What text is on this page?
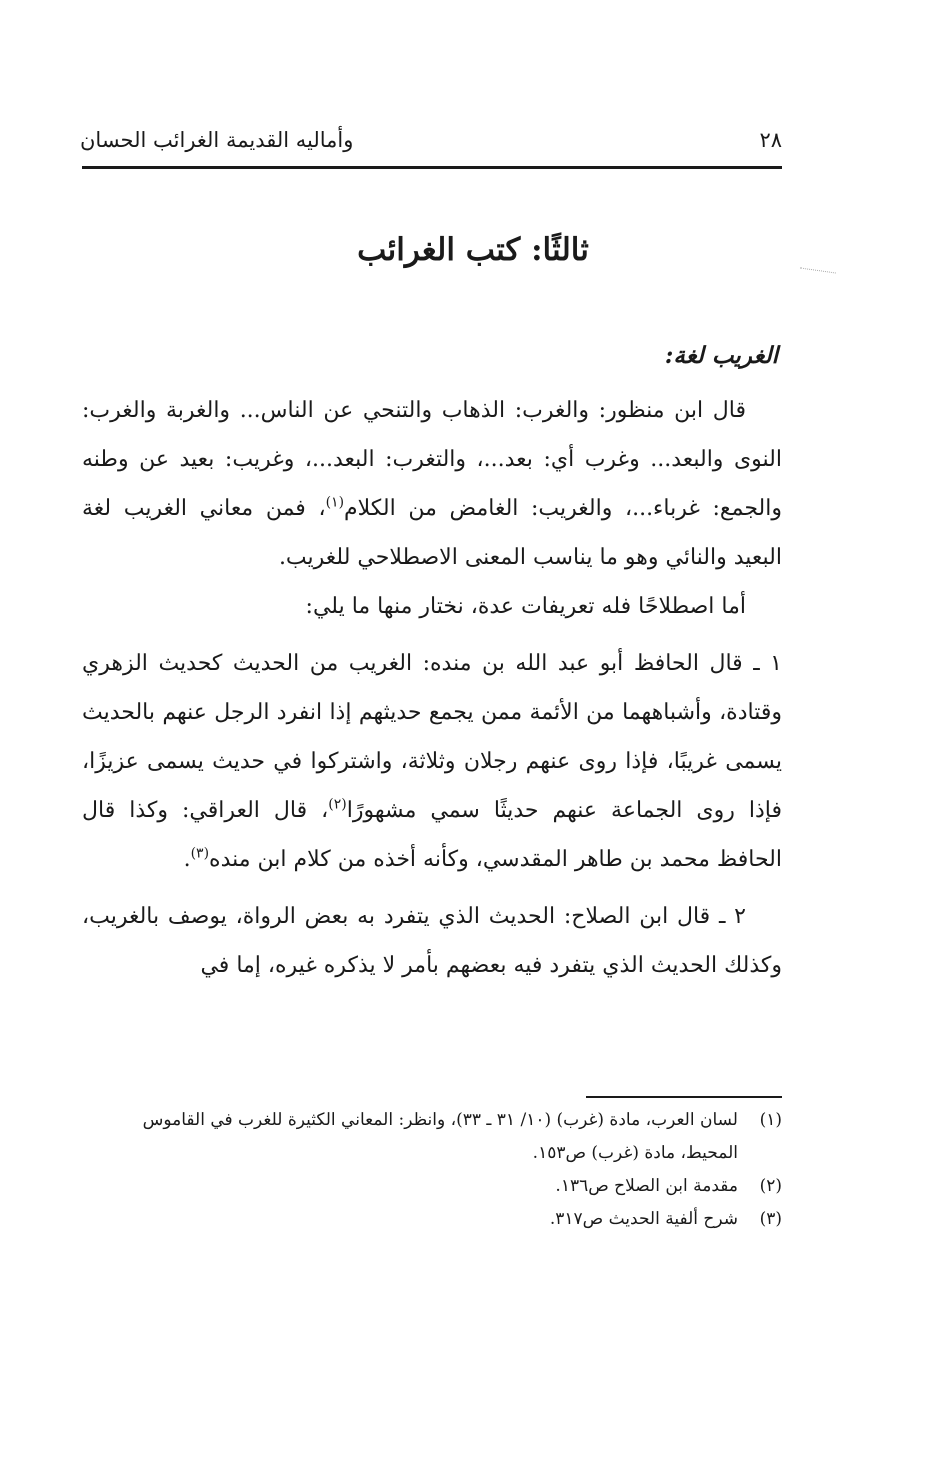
٢٨
وأماليه القديمة الغرائب الحسان
ثالثًا: كتب الغرائب
الغريب لغة:

قال ابن منظور: والغرب: الذهاب والتنحي عن الناس... والغربة والغرب: النوى والبعد... وغرب أي: بعد...، والتغرب: البعد...، وغريب: بعيد عن وطنه والجمع: غرباء...، والغريب: الغامض من الكلام$^{(١)}$، فمن معاني الغريب لغة البعيد والنائي وهو ما يناسب المعنى الاصطلاحي للغريب.

أما اصطلاحًا فله تعريفات عدة، نختار منها ما يلي:

١ ـ قال الحافظ أبو عبد الله بن منده: الغريب من الحديث كحديث الزهري وقتادة، وأشباههما من الأئمة ممن يجمع حديثهم إذا انفرد الرجل عنهم بالحديث يسمى غريبًا، فإذا روى عنهم رجلان وثلاثة، واشتركوا في حديث يسمى عزيزًا، فإذا روى الجماعة عنهم حديثًا سمي مشهورًا$^{(٢)}$، قال العراقي: وكذا قال الحافظ محمد بن طاهر المقدسي، وكأنه أخذه من كلام ابن منده$^{(٣)}$.

٢ ـ قال ابن الصلاح: الحديث الذي يتفرد به بعض الرواة، يوصف بالغريب، وكذلك الحديث الذي يتفرد فيه بعضهم بأمر لا يذكره غيره، إما في

(١)لسان العرب، مادة (غرب) (١٠/ ٣١ ـ ٣٣)، وانظر: المعاني الكثيرة للغرب في القاموس

المحيط، مادة (غرب) ص١٥٣.

(٢)مقدمة ابن الصلاح ص١٣٦.

(٣)شرح ألفية الحديث ص٣١٧.
